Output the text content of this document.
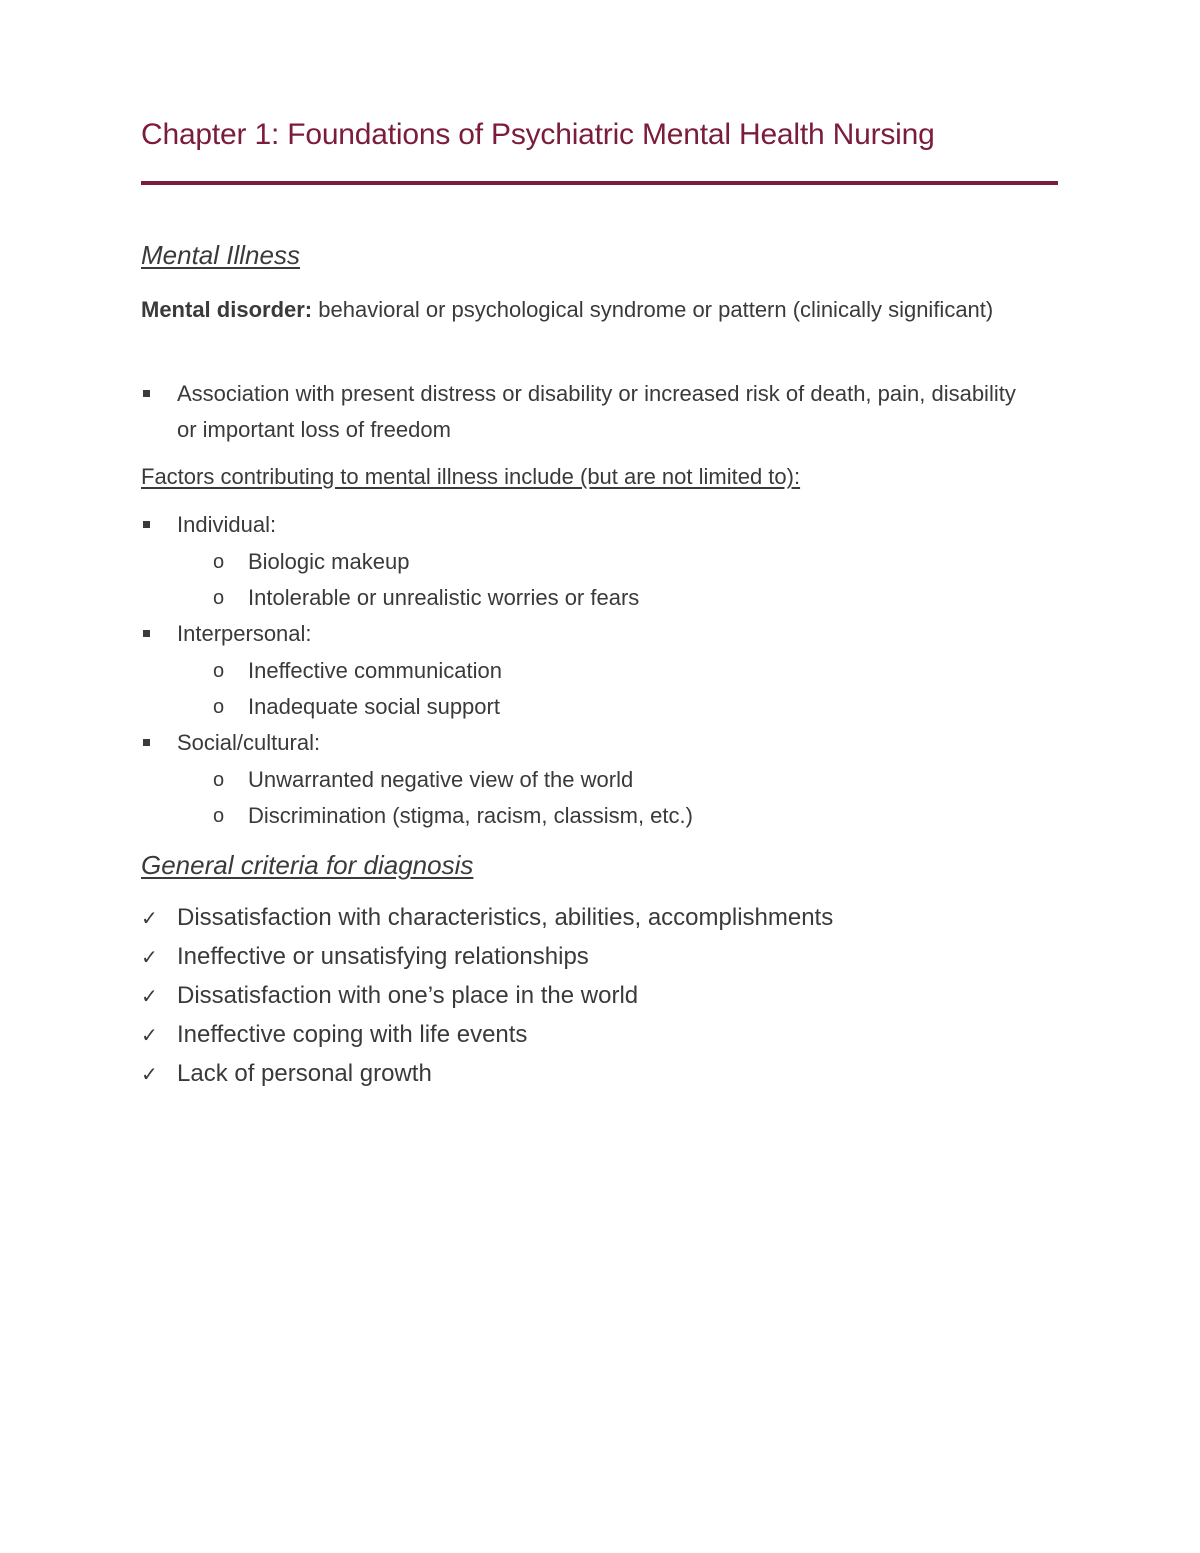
Chapter 1: Foundations of Psychiatric Mental Health Nursing
Mental Illness
Mental disorder: behavioral or psychological syndrome or pattern (clinically significant)
Association with present distress or disability or increased risk of death, pain, disability or important loss of freedom
Factors contributing to mental illness include (but are not limited to):
Individual:
o Biologic makeup
o Intolerable or unrealistic worries or fears
Interpersonal:
o Ineffective communication
o Inadequate social support
Social/cultural:
o Unwarranted negative view of the world
o Discrimination (stigma, racism, classism, etc.)
General criteria for diagnosis
✓ Dissatisfaction with characteristics, abilities, accomplishments
✓ Ineffective or unsatisfying relationships
✓ Dissatisfaction with one’s place in the world
✓ Ineffective coping with life events
✓ Lack of personal growth
